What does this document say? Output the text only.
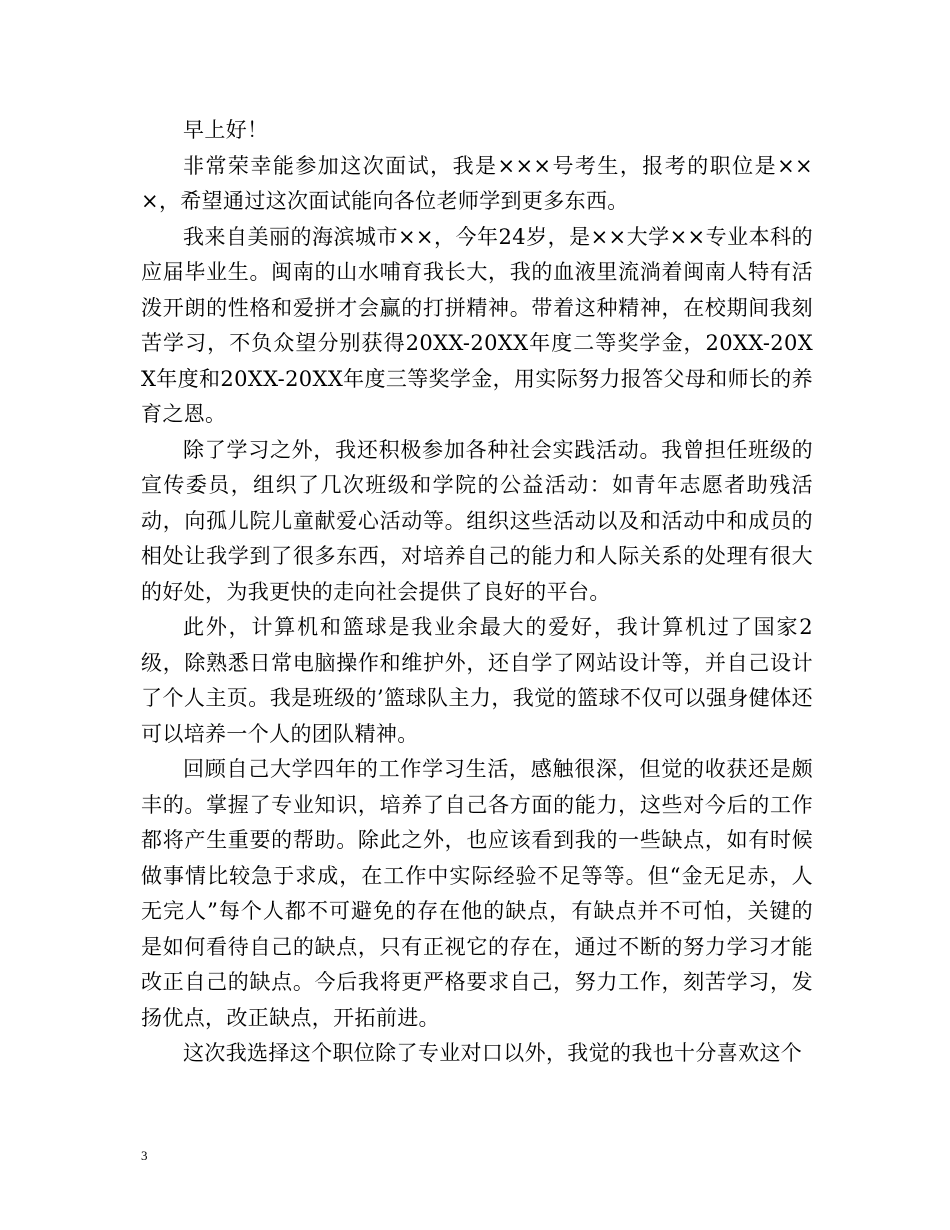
早上好！

非常荣幸能参加这次面试，我是×××号考生，报考的职位是×××，希望通过这次面试能向各位老师学到更多东西。

我来自美丽的海滨城市××，今年24岁，是××大学××专业本科的应届毕业生。闽南的山水哺育我长大，我的血液里流淌着闽南人特有活泼开朗的性格和爱拼才会赢的打拼精神。带着这种精神，在校期间我刻苦学习，不负众望分别获得20XX-20XX年度二等奖学金，20XX-20XX年度和20XX-20XX年度三等奖学金，用实际努力报答父母和师长的养育之恩。

除了学习之外，我还积极参加各种社会实践活动。我曾担任班级的宣传委员，组织了几次班级和学院的公益活动：如青年志愿者助残活动，向孤儿院儿童献爱心活动等。组织这些活动以及和活动中和成员的相处让我学到了很多东西，对培养自己的能力和人际关系的处理有很大的好处，为我更快的走向社会提供了良好的平台。

此外，计算机和篮球是我业余最大的爱好，我计算机过了国家2级，除熟悉日常电脑操作和维护外，还自学了网站设计等，并自己设计了个人主页。我是班级的’篮球队主力，我觉的篮球不仅可以强身健体还可以培养一个人的团队精神。

回顾自己大学四年的工作学习生活，感触很深，但觉的收获还是颇丰的。掌握了专业知识，培养了自己各方面的能力，这些对今后的工作都将产生重要的帮助。除此之外，也应该看到我的一些缺点，如有时候做事情比较急于求成，在工作中实际经验不足等等。但“金无足赤，人无完人”每个人都不可避免的存在他的缺点，有缺点并不可怕，关键的是如何看待自己的缺点，只有正视它的存在，通过不断的努力学习才能改正自己的缺点。今后我将更严格要求自己，努力工作，刻苦学习，发扬优点，改正缺点，开拓前进。

这次我选择这个职位除了专业对口以外，我觉的我也十分喜欢这个

3
